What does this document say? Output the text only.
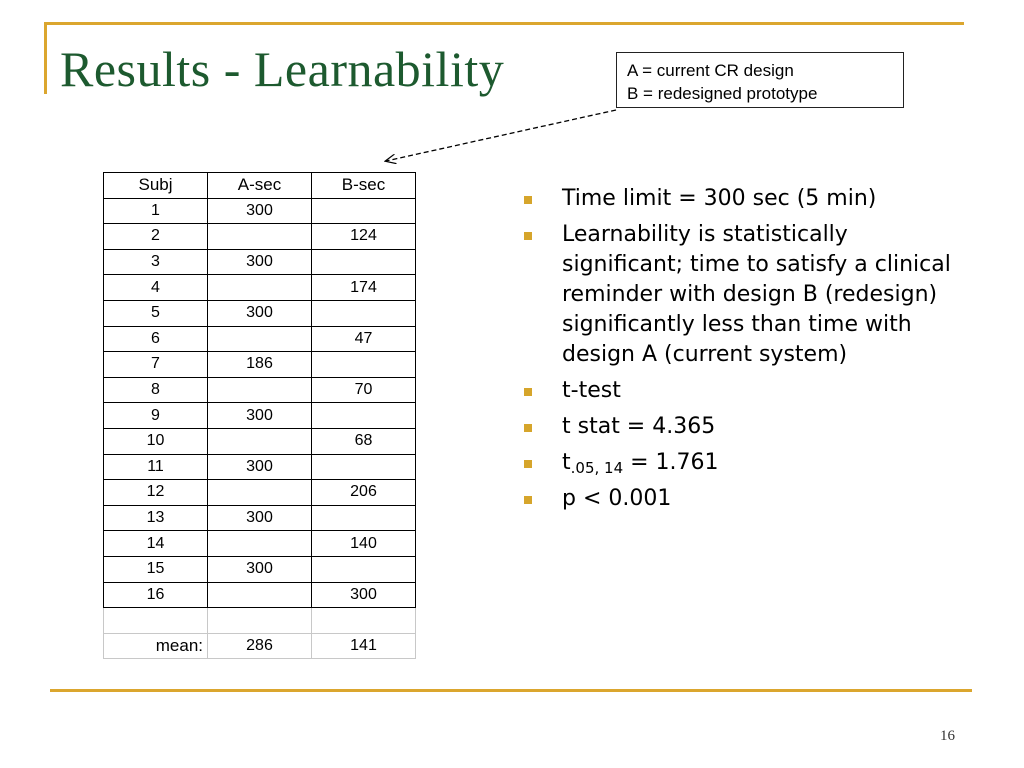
Results - Learnability	A = current CR design
B = redesigned prototype
Subj	A-sec	B-sec
1	300	
2		124
3	300	
4		174
5	300	
6		47
7	186	
8		70
9	300	
10		68
11	300	
12		206
13	300	
14		140
15	300	
16		300

mean:	286	141
Time limit = 300 sec (5 min)
Learnability is statistically significant; time to satisfy a clinical reminder with design B (redesign) significantly less than time with design A (current system)
t-test
t stat = 4.365
$t_{.05, 14} = 1.761$
p < 0.001
16
